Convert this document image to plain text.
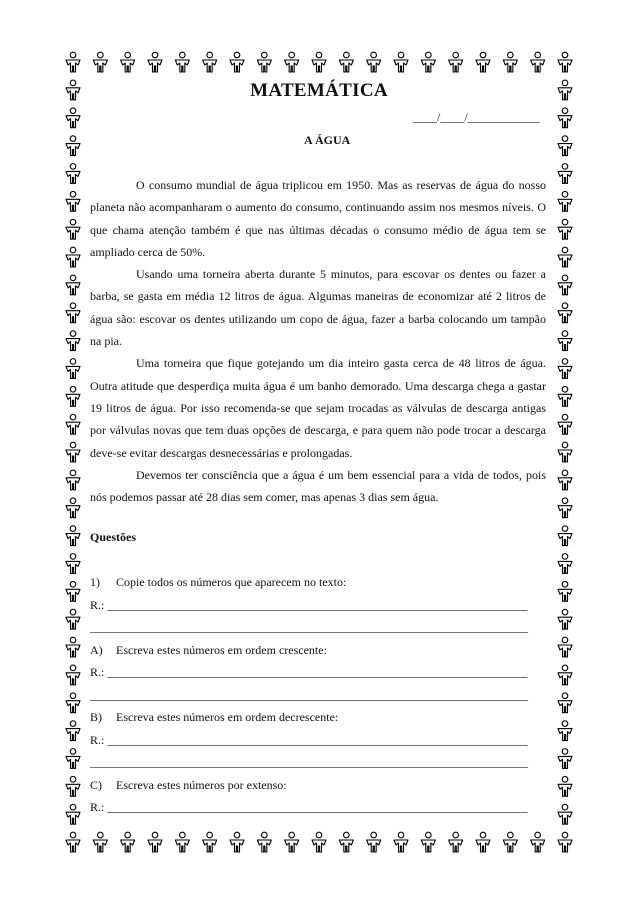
MATEMÁTICA
____/____/____________
A ÁGUA

O consumo mundial de água triplicou em 1950. Mas as reservas de água do nosso planeta não acompanharam o aumento do consumo, continuando assim nos mesmos níveis. O que chama atenção também é que nas últimas décadas o consumo médio de água tem se ampliado cerca de 50%.

Usando uma torneira aberta durante 5 minutos, para escovar os dentes ou fazer a barba, se gasta em média 12 litros de água. Algumas maneiras de economizar até 2 litros de água são: escovar os dentes utilizando um copo de água, fazer a barba colocando um tampão na pia.

Uma torneira que fique gotejando um dia inteiro gasta cerca de 48 litros de água. Outra atitude que desperdiça muita água é um banho demorado. Uma descarga chega a gastar 19 litros de água. Por isso recomenda-se que sejam trocadas as válvulas de descarga antigas por válvulas novas que tem duas opções de descarga, e para quem não pode trocar a descarga deve-se evitar descargas desnecessárias e prolongadas.

Devemos ter consciência que a água é um bem essencial para a vida de todos, pois nós podemos passar até 28 dias sem comer, mas apenas 3 dias sem água.

Questões
1) Copie todos os números que aparecem no texto:
R.: ______________________________________________________________________
_________________________________________________________________________
A) Escreva estes números em ordem crescente:
R.: ______________________________________________________________________
_________________________________________________________________________
B) Escreva estes números em ordem decrescente:
R.: ______________________________________________________________________
_________________________________________________________________________
C) Escreva estes números por extenso:
R.: ______________________________________________________________________
